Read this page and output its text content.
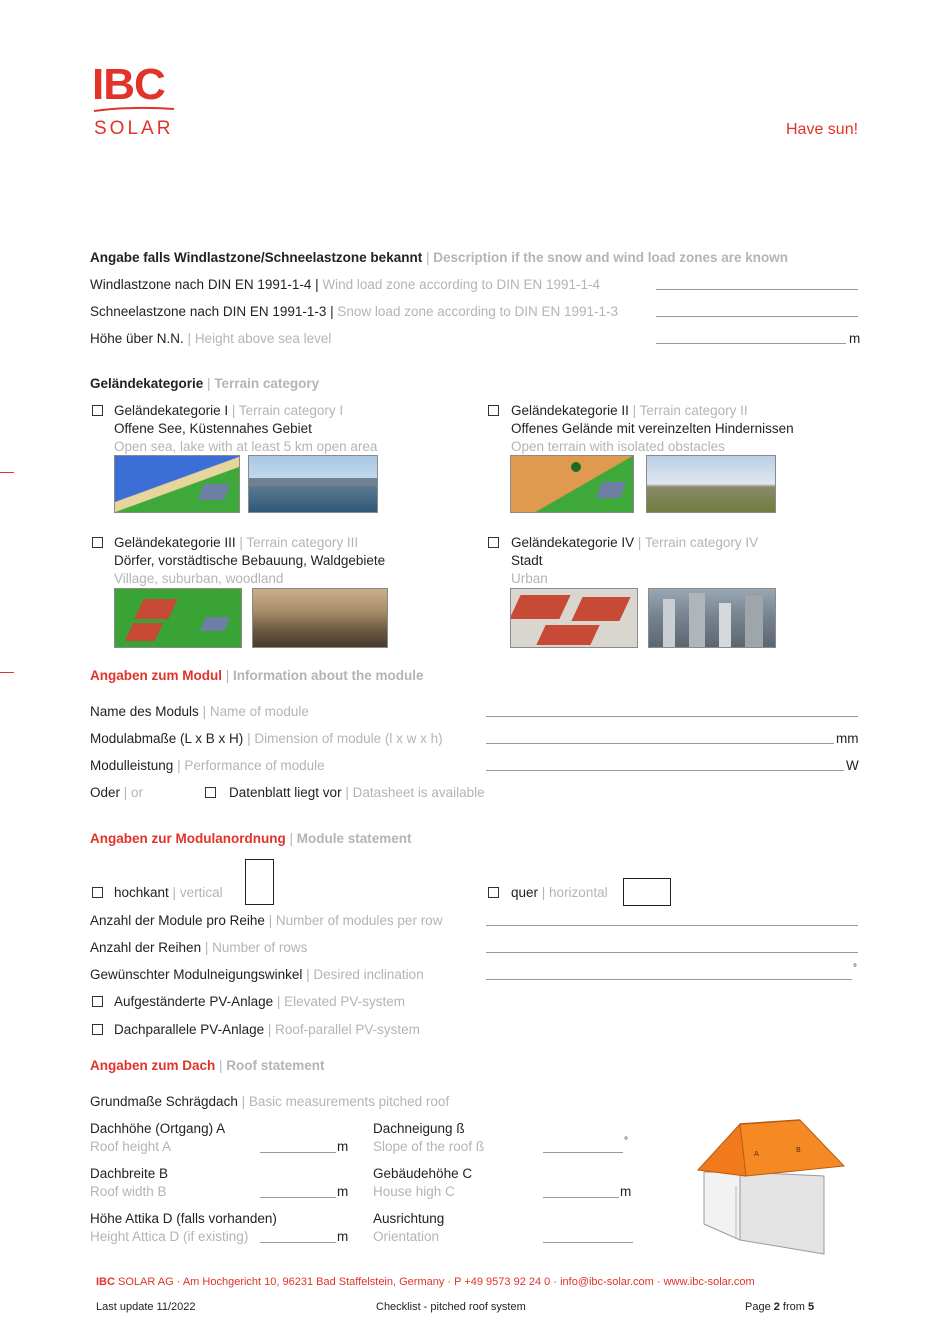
IBC
SOLAR	Have sun!
Angabe falls Windlastzone/Schneelastzone bekannt | Description if the snow and wind load zones are known
Windlastzone nach DIN EN 1991-1-4 | Wind load zone according to DIN EN 1991-1-4
Schneelastzone nach DIN EN 1991-1-3 | Snow load zone according to DIN EN 1991-1-3
Höhe über N.N. | Height above sea level	m
Geländekategorie | Terrain category
Geländekategorie I | Terrain category I
Offene See, Küstennahes Gebiet
Open sea, lake with at least 5 km open area
Geländekategorie II | Terrain category II
Offenes Gelände mit vereinzelten Hindernissen
Open terrain with isolated obstacles
Geländekategorie III | Terrain category III
Dörfer, vorstädtische Bebauung, Waldgebiete
Village, suburban, woodland
Geländekategorie IV | Terrain category IV
Stadt
Urban
Angaben zum Modul | Information about the module
Name des Moduls | Name of module
Modulabmaße (L x B x H) | Dimension of module (l x w x h)	mm
Modulleistung | Performance of module	W
Oder | or	Datenblatt liegt vor | Datasheet is available
Angaben zur Modulanordnung | Module statement
hochkant | vertical	quer | horizontal
Anzahl der Module pro Reihe | Number of modules per row
Anzahl der Reihen | Number of rows
Gewünschter Modulneigungswinkel | Desired inclination	°
Aufgeständerte PV-Anlage | Elevated PV-system
Dachparallele PV-Anlage | Roof-parallel PV-system
Angaben zum Dach | Roof statement
Grundmaße Schrägdach | Basic measurements pitched roof
Dachhöhe (Ortgang) A
Roof height A	m
Dachneigung ß
Slope of the roof ß	°
Dachbreite B
Roof width B	m
Gebäudehöhe C
House high C	m
Höhe Attika D (falls vorhanden)
Height Attica D (if existing)	m
Ausrichtung
Orientation
A	B
IBC SOLAR AG · Am Hochgericht 10, 96231 Bad Staffelstein, Germany · P +49 9573 92 24 0 · info@ibc-solar.com · www.ibc-solar.com
Last update 11/2022	Checklist - pitched roof system	Page 2 from 5
